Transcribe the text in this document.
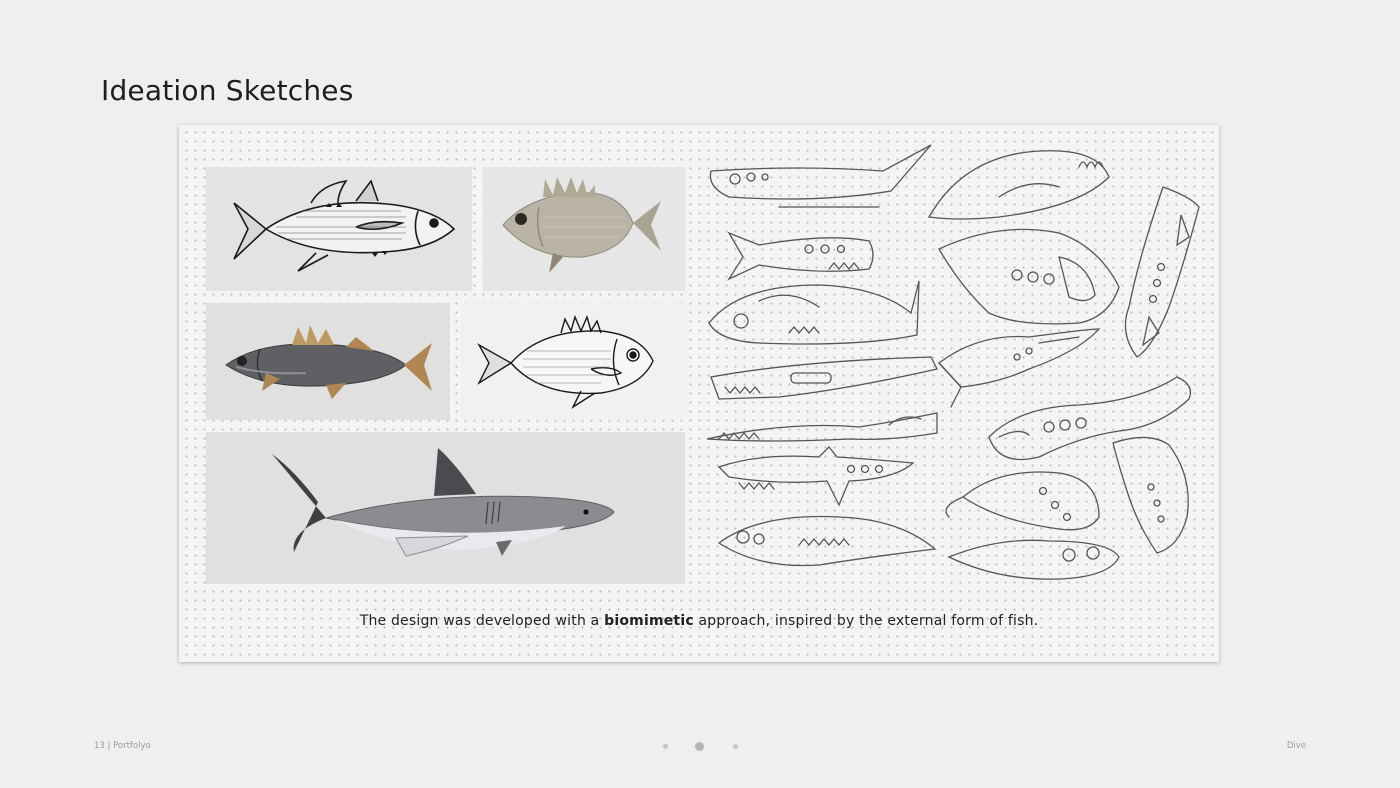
Ideation Sketches
The design was developed with a biomimetic approach, inspired by the external form of fish.
13 | Portfolyo	Dive
